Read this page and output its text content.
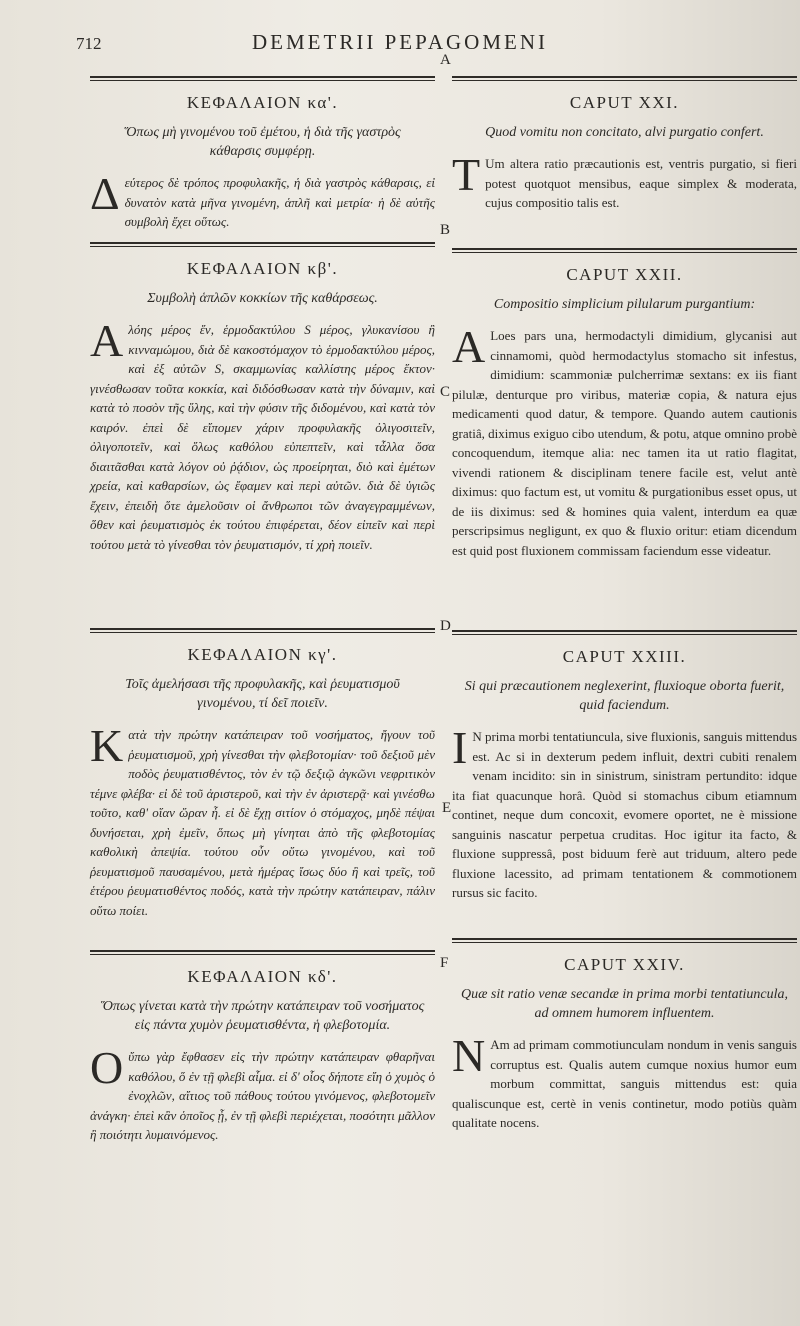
712	DEMETRII PEPAGOMENI
A
B
C
D
E
F
ΚΕΦΑΛΑΙΟΝ κα'.
Ὅπως μὴ γινομένου τοῦ ἐμέτου, ἡ διὰ τῆς γαστρὸς κάθαρσις συμφέρῃ.

Δεύτερος δὲ τρόπος προφυλακῆς, ἡ διὰ γαστρὸς κάθαρσις, εἰ δυνατὸν κατὰ μῆνα γινομένη, ἁπλῆ καὶ μετρία· ἡ δὲ αὐτῆς συμβολὴ ἔχει οὕτως.

ΚΕΦΑΛΑΙΟΝ κβ'.
Συμβολὴ ἁπλῶν κοκκίων τῆς καθάρσεως.

Αλόης μέρος ἕν, ἑρμοδακτύλου S μέρος, γλυκανίσου ἢ κινναμώμου, διὰ δὲ κακοστόμαχον τὸ ἑρμοδακτύλου μέρος, καὶ ἐξ αὐτῶν S, σκαμμωνίας καλλίστης μέρος ἕκτον· γινέσθωσαν τοῦτα κοκκία, καὶ διδόσθωσαν κατὰ τὴν δύναμιν, καὶ κατὰ τὸ ποσὸν τῆς ὕλης, καὶ τὴν φύσιν τῆς διδομένου, καὶ κατὰ τὸν καιρόν. ἐπεὶ δὲ εἴπομεν χάριν προφυλακῆς ὀλιγοσιτεῖν, ὀλιγοποτεῖν, καὶ ὅλως καθόλου εὐπεπτεῖν, καὶ τἆλλα ὅσα διαιτᾶσθαι κατὰ λόγον οὐ ῥᾴδιον, ὡς προείρηται, διὸ καὶ ἐμέτων χρεία, καὶ καθαρσίων, ὡς ἔφαμεν καὶ περὶ αὐτῶν. διὰ δὲ ὑγιῶς ἔχειν, ἐπειδὴ ὅτε ἀμελοῦσιν οἱ ἄνθρωποι τῶν ἀναγεγραμμένων, ὅθεν καὶ ῥευματισμὸς ἐκ τούτου ἐπιφέρεται, δέον εἰπεῖν καὶ περὶ τούτου μετὰ τὸ γίνεσθαι τὸν ῥευματισμόν, τί χρὴ ποιεῖν.

ΚΕΦΑΛΑΙΟΝ κγ'.
Τοῖς ἀμελήσασι τῆς προφυλακῆς, καὶ ῥευματισμοῦ γινομένου, τί δεῖ ποιεῖν.

Κατὰ τὴν πρώτην κατάπειραν τοῦ νοσήματος, ἤγουν τοῦ ῥευματισμοῦ, χρὴ γίνεσθαι τὴν φλεβοτομίαν· τοῦ δεξιοῦ μὲν ποδὸς ῥευματισθέντος, τὸν ἐν τῷ δεξιῷ ἀγκῶνι νεφριτικὸν τέμνε φλέβα· εἰ δὲ τοῦ ἀριστεροῦ, καὶ τὴν ἐν ἀριστερᾷ· καὶ γινέσθω τοῦτο, καθ' οἵαν ὥραν ἦ. εἰ δὲ ἔχῃ σιτίον ὁ στόμαχος, μηδὲ πέψαι δυνήσεται, χρὴ ἐμεῖν, ὅπως μὴ γίνηται ἀπὸ τῆς φλεβοτομίας καθολικὴ ἀπεψία. τούτου οὖν οὕτω γινομένου, καὶ τοῦ ῥευματισμοῦ παυσαμένου, μετὰ ἡμέρας ἴσως δύο ἢ καὶ τρεῖς, τοῦ ἑτέρου ῥευματισθέντος ποδός, κατὰ τὴν πρώτην κατάπειραν, πάλιν οὕτω ποίει.

ΚΕΦΑΛΑΙΟΝ κδ'.
Ὅπως γίνεται κατὰ τὴν πρώτην κατάπειραν τοῦ νοσήματος εἰς πάντα χυμὸν ῥευματισθέντα, ἡ φλεβοτομία.

Οὔπω γὰρ ἔφθασεν εἰς τὴν πρώτην κατάπειραν φθαρῆναι καθόλου, ὅ ἐν τῇ φλεβὶ αἷμα. εἰ δ' οἷος δήποτε εἴη ὁ χυμὸς ὁ ἐνοχλῶν, αἴτιος τοῦ πάθους τούτου γινόμενος, φλεβοτομεῖν ἀνάγκη· ἐπεὶ κἂν ὁποῖος ᾖ, ἐν τῇ φλεβὶ περιέχεται, ποσότητι μᾶλλον ἢ ποιότητι λυμαινόμενος.

CAPUT XXI.
Quod vomitu non concitato, alvi purgatio confert.

T Um altera ratio præcautionis est, ventris purgatio, si fieri potest quotquot mensibus, eaque simplex & moderata, cujus compositio talis est.

CAPUT XXII.
Compositio simplicium pilularum purgantium:

A Loes pars una, hermodactyli dimidium, glycanisi aut cinnamomi, quòd hermodactylus stomacho sit infestus, dimidium: scammoniæ pulcherrimæ sextans: ex iis fiant pilulæ, denturque pro viribus, materiæ copia, & natura ejus medicamenti quod datur, & tempore. Quando autem cautionis gratiâ, diximus exiguo cibo utendum, & potu, atque omnino probè concoquendum, itemque alia: nec tamen ita ut ratio flagitat, vivendi rationem & disciplinam tenere facile est, velut antè diximus: quo factum est, ut vomitu & purgationibus esset opus, ut de iis diximus: sed & homines quia valent, interdum ea quæ perscripsimus negligunt, ex quo & fluxio oritur: etiam dicendum est quid post fluxionem commissam faciendum esse videatur.

CAPUT XXIII.
Si qui præcautionem neglexerint, fluxioque oborta fuerit, quid faciendum.

I N prima morbi tentatiuncula, sive fluxionis, sanguis mittendus est. Ac si in dexterum pedem influit, dextri cubiti renalem venam incidito: sin in sinistrum, sinistram pertundito: idque ita fiat quacunque horâ. Quòd si stomachus cibum etiamnum continet, neque dum concoxit, evomere oportet, ne è missione sanguinis nascatur perpetua cruditas. Hoc igitur ita facto, & fluxione suppressâ, post biduum ferè aut triduum, altero pede fluxione lacessito, ad primam tentationem & commotionem rursus sic facito.

CAPUT XXIV.
Quæ sit ratio venæ secandæ in prima morbi tentatiuncula, ad omnem humorem influentem.

N Am ad primam commotiunculam nondum in venis sanguis corruptus est. Qualis autem cumque noxius humor eum morbum committat, sanguis mittendus est: quia qualiscunque est, certè in venis continetur, modo potiùs quàm qualitate nocens.
